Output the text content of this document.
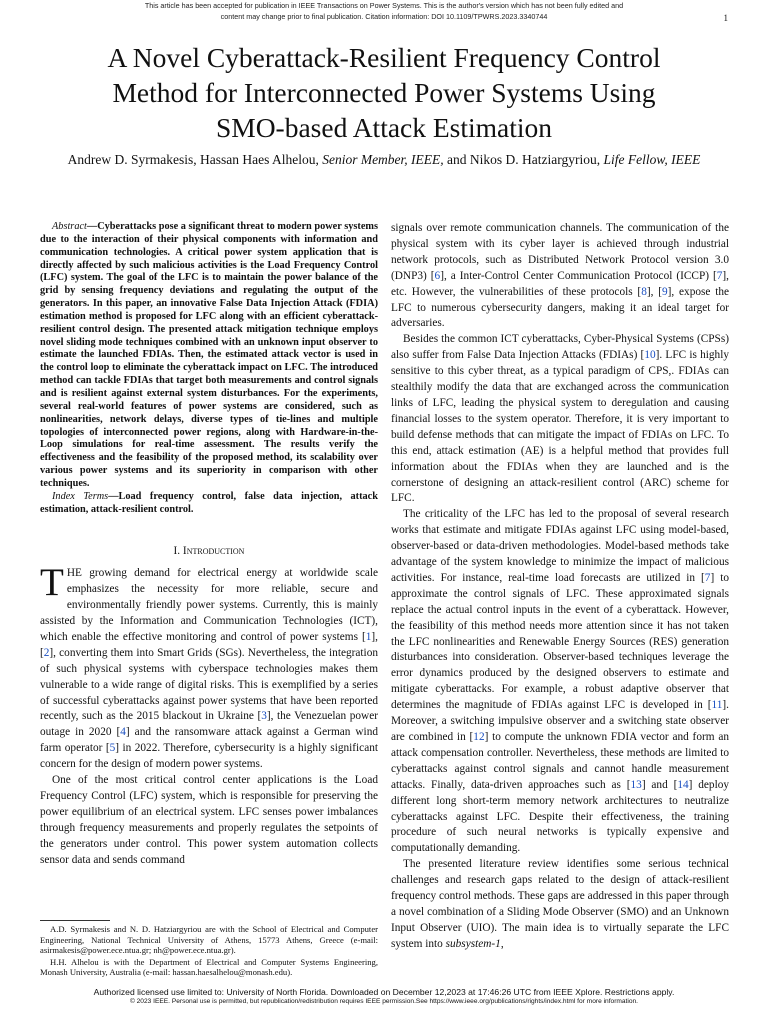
This article has been accepted for publication in IEEE Transactions on Power Systems. This is the author's version which has not been fully edited and
content may change prior to final publication. Citation information: DOI 10.1109/TPWRS.2023.3340744	1
A Novel Cyberattack-Resilient Frequency Control
Method for Interconnected Power Systems Using
SMO-based Attack Estimation
Andrew D. Syrmakesis, Hassan Haes Alhelou, Senior Member, IEEE, and Nikos D. Hatziargyriou, Life Fellow, IEEE

Abstract—Cyberattacks pose a significant threat to modern power systems due to the interaction of their physical components with information and communication technologies. A critical power system application that is directly affected by such malicious activities is the Load Frequency Control (LFC) system. The goal of the LFC is to maintain the power balance of the grid by sensing frequency deviations and regulating the output of the generators. In this paper, an innovative False Data Injection Attack (FDIA) estimation method is proposed for LFC along with an efficient cyberattack-resilient control design. The presented attack mitigation technique employs novel sliding mode techniques combined with an unknown input observer to estimate the launched FDIAs. Then, the estimated attack vector is used in the control loop to eliminate the cyberattack impact on LFC. The introduced method can tackle FDIAs that target both measurements and control signals and is resilient against external system disturbances. For the experiments, several real-world features of power systems are considered, such as nonlinearities, network delays, diverse types of tie-lines and multiple topologies of interconnected power regions, along with Hardware-in-the-Loop simulations for real-time assessment. The results verify the effectiveness and the feasibility of the proposed method, its scalability over various power systems and its superiority in comparison with other techniques.

Index Terms—Load frequency control, false data injection, attack estimation, attack-resilient control.

I. Introduction

THE growing demand for electrical energy at worldwide scale emphasizes the necessity for more reliable, secure and environmentally friendly power systems. Currently, this is mainly assisted by the Information and Communication Technologies (ICT), which enable the effective monitoring and control of power systems [1], [2], converting them into Smart Grids (SGs). Nevertheless, the integration of such physical systems with cyberspace technologies makes them vulnerable to a wide range of digital risks. This is exemplified by a series of successful cyberattacks against power systems that have been reported recently, such as the 2015 blackout in Ukraine [3], the Venezuelan power outage in 2020 [4] and the ransomware attack against a German wind farm operator [5] in 2022. Therefore, cybersecurity is a highly significant concern for the design of modern power systems.

One of the most critical control center applications is the Load Frequency Control (LFC) system, which is responsible for preserving the power equilibrium of an electrical system. LFC senses power imbalances through frequency measurements and properly regulates the setpoints of the generators under control. This power system automation collects sensor data and sends command

A.D. Syrmakesis and N. D. Hatziargyriou are with the School of Electrical and Computer Engineering, National Technical University of Athens, 15773 Athens, Greece (e-mail: asirmakesis@power.ece.ntua.gr; nh@power.ece.ntua.gr).

H.H. Alhelou is with the Department of Electrical and Computer Systems Engineering, Monash University, Australia (e-mail: hassan.haesalhelou@monash.edu).

signals over remote communication channels. The communication of the physical system with its cyber layer is achieved through industrial network protocols, such as Distributed Network Protocol version 3.0 (DNP3) [6], a Inter-Control Center Communication Protocol (ICCP) [7], etc. However, the vulnerabilities of these protocols [8], [9], expose the LFC to numerous cybersecurity dangers, making it an ideal target for adversaries.

Besides the common ICT cyberattacks, Cyber-Physical Systems (CPSs) also suffer from False Data Injection Attacks (FDIAs) [10]. LFC is highly sensitive to this cyber threat, as a typical paradigm of CPS,. FDIAs can stealthily modify the data that are exchanged across the communication links of LFC, leading the physical system to deregulation and causing financial losses to the system operator. Therefore, it is very important to build defense methods that can mitigate the impact of FDIAs on LFC. To this end, attack estimation (AE) is a helpful method that provides full information about the FDIAs when they are launched and is the cornerstone of designing an attack-resilient control (ARC) scheme for LFC.

The criticality of the LFC has led to the proposal of several research works that estimate and mitigate FDIAs against LFC using model-based, observer-based or data-driven methodologies. Model-based methods take advantage of the system knowledge to minimize the impact of malicious activities. For instance, real-time load forecasts are utilized in [7] to approximate the control signals of LFC. These approximated signals replace the actual control inputs in the event of a cyberattack. However, the feasibility of this method needs more attention since it has not taken the LFC nonlinearities and Renewable Energy Sources (RES) generation disturbances into consideration. Observer-based techniques leverage the error dynamics produced by the designed observers to estimate and mitigate cyberattacks. For example, a robust adaptive observer that determines the magnitude of FDIAs against LFC is developed in [11]. Moreover, a switching impulsive observer and a switching state observer are combined in [12] to compute the unknown FDIA vector and form an attack compensation controller. Nevertheless, these methods are limited to cyberattacks against control signals and cannot handle measurement attacks. Finally, data-driven approaches such as [13] and [14] deploy different long short-term memory network architectures to neutralize cyberattacks against LFC. Despite their effectiveness, the training procedure of such neural networks is typically expensive and computationally demanding.

The presented literature review identifies some serious technical challenges and research gaps related to the design of attack-resilient frequency control methods. These gaps are addressed in this paper through a novel combination of a Sliding Mode Observer (SMO) and an Unknown Input Observer (UIO). The main idea is to virtually separate the LFC system into subsystem-1,

Authorized licensed use limited to: University of North Florida. Downloaded on December 12,2023 at 17:46:26 UTC from IEEE Xplore. Restrictions apply.
© 2023 IEEE. Personal use is permitted, but republication/redistribution requires IEEE permission.See https://www.ieee.org/publications/rights/index.html for more information.
